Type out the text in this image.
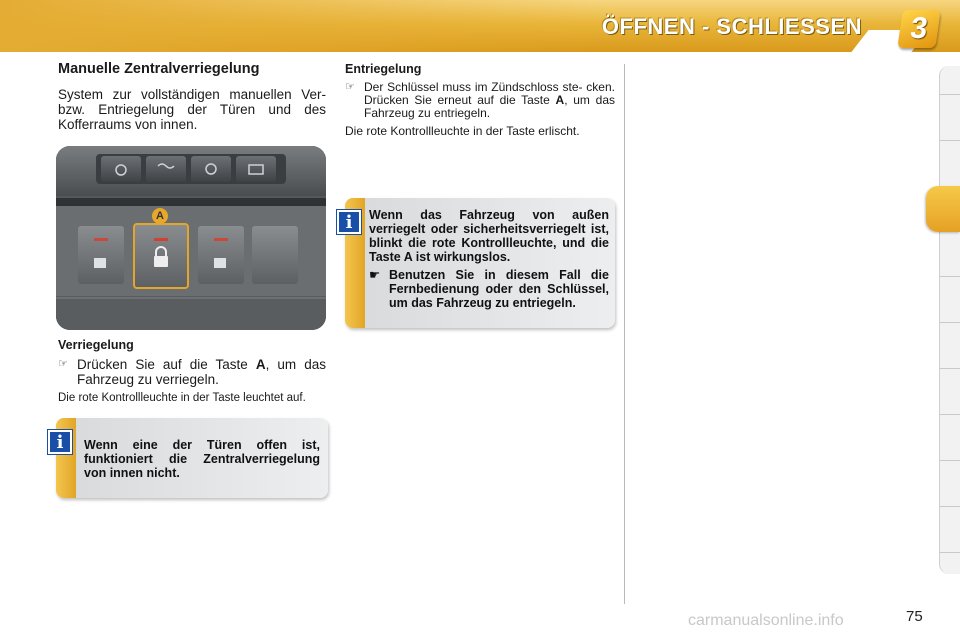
ÖFFNEN - SCHLIESSEN	3
Manuelle Zentralverriegelung

System zur vollständigen manuellen Ver- bzw. Entriegelung der Türen und des Kofferraums von innen.

A
Verriegelung
☞ Drücken Sie auf die Taste A, um das Fahrzeug zu verriegeln.
Die rote Kontrollleuchte in der Taste leuchtet auf.
i	Wenn eine der Türen offen ist, funktioniert die Zentralverriegelung von innen nicht.
Entriegelung
☞ Der Schlüssel muss im Zündschloss ste- cken. Drücken Sie erneut auf die Taste A, um das Fahrzeug zu entriegeln.
Die rote Kontrollleuchte in der Taste erlischt.
i	Wenn das Fahrzeug von außen verriegelt oder sicherheitsverriegelt ist, blinkt die rote Kontrollleuchte, und die Taste A ist wirkungslos.
☛ Benutzen Sie in diesem Fall die Fernbedienung oder den Schlüssel, um das Fahrzeug zu entriegeln.
carmanualsonline.info	75
